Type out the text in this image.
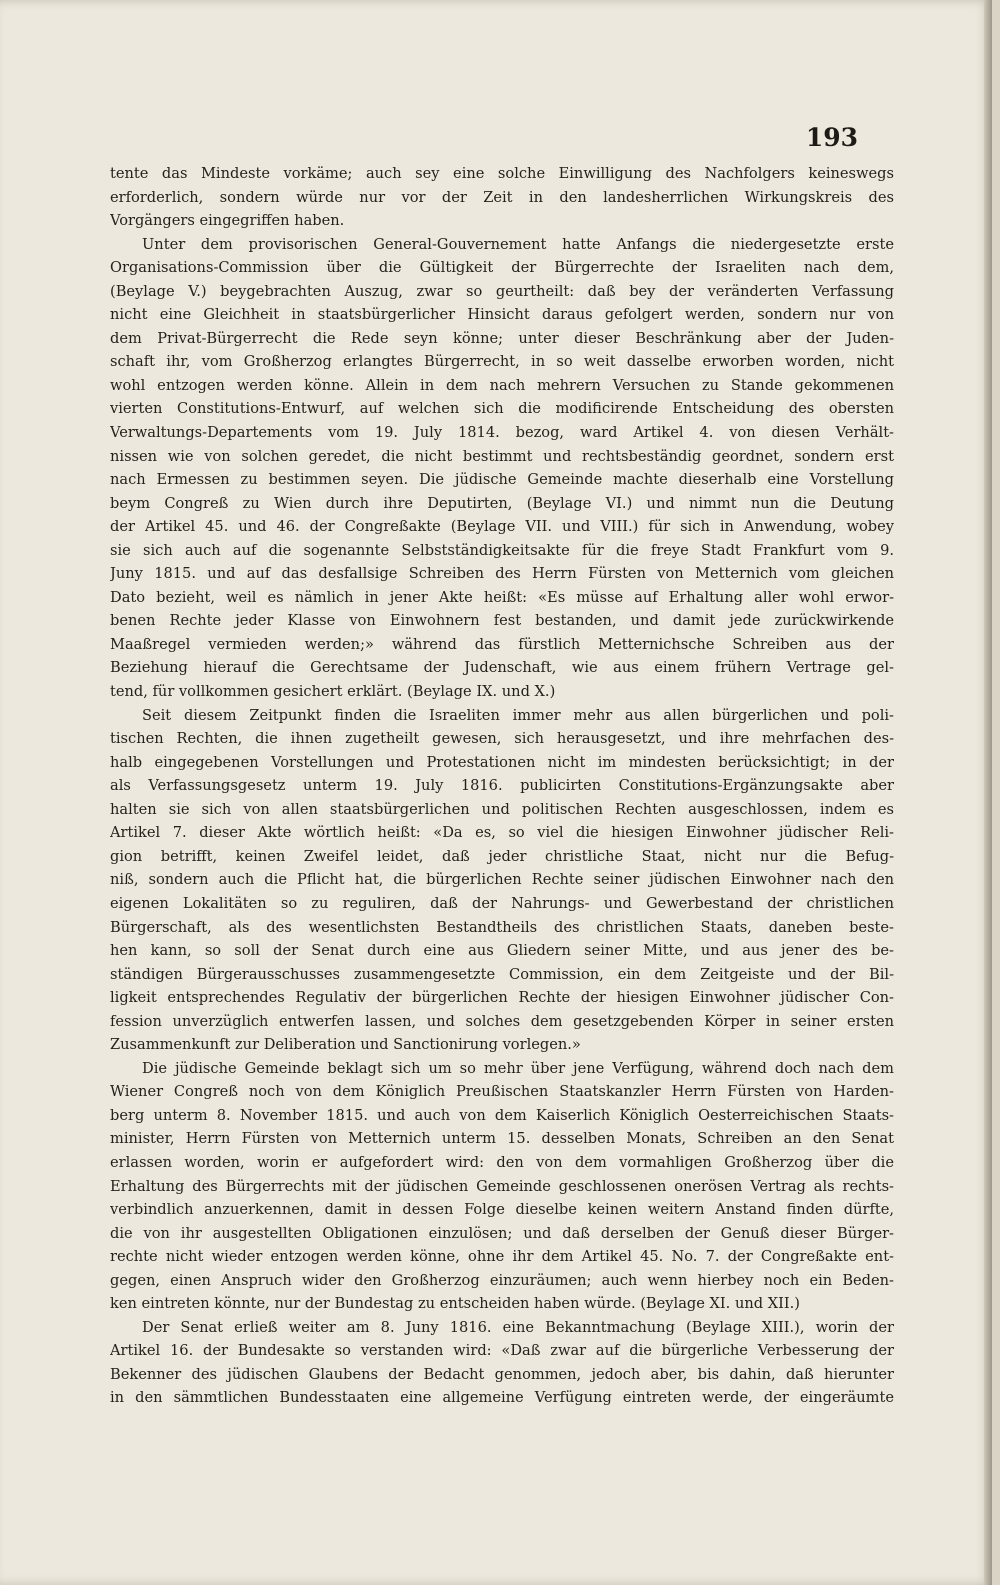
193
tente das Mindeste vorkäme; auch sey eine solche Einwilligung des Nachfolgers keineswegs
erforderlich, sondern würde nur vor der Zeit in den landesherrlichen Wirkungskreis des
Vorgängers eingegriffen haben.
Unter dem provisorischen General-Gouvernement hatte Anfangs die niedergesetzte erste
Organisations-Commission über die Gültigkeit der Bürgerrechte der Israeliten nach dem,
(Beylage V.) beygebrachten Auszug, zwar so geurtheilt: daß bey der veränderten Verfassung
nicht eine Gleichheit in staatsbürgerlicher Hinsicht daraus gefolgert werden, sondern nur von
dem Privat-Bürgerrecht die Rede seyn könne; unter dieser Beschränkung aber der Juden-
schaft ihr, vom Großherzog erlangtes Bürgerrecht, in so weit dasselbe erworben worden, nicht
wohl entzogen werden könne. Allein in dem nach mehrern Versuchen zu Stande gekommenen
vierten Constitutions-Entwurf, auf welchen sich die modificirende Entscheidung des obersten
Verwaltungs-Departements vom 19. July 1814. bezog, ward Artikel 4. von diesen Verhält-
nissen wie von solchen geredet, die nicht bestimmt und rechtsbeständig geordnet, sondern erst
nach Ermessen zu bestimmen seyen. Die jüdische Gemeinde machte dieserhalb eine Vorstellung
beym Congreß zu Wien durch ihre Deputirten, (Beylage VI.) und nimmt nun die Deutung
der Artikel 45. und 46. der Congreßakte (Beylage VII. und VIII.) für sich in Anwendung, wobey
sie sich auch auf die sogenannte Selbstständigkeitsakte für die freye Stadt Frankfurt vom 9.
Juny 1815. und auf das desfallsige Schreiben des Herrn Fürsten von Metternich vom gleichen
Dato bezieht, weil es nämlich in jener Akte heißt: «Es müsse auf Erhaltung aller wohl erwor-
benen Rechte jeder Klasse von Einwohnern fest bestanden, und damit jede zurückwirkende
Maaßregel vermieden werden;» während das fürstlich Metternichsche Schreiben aus der
Beziehung hierauf die Gerechtsame der Judenschaft, wie aus einem frühern Vertrage gel-
tend, für vollkommen gesichert erklärt. (Beylage IX. und X.)
Seit diesem Zeitpunkt finden die Israeliten immer mehr aus allen bürgerlichen und poli-
tischen Rechten, die ihnen zugetheilt gewesen, sich herausgesetzt, und ihre mehrfachen des-
halb eingegebenen Vorstellungen und Protestationen nicht im mindesten berücksichtigt; in der
als Verfassungsgesetz unterm 19. July 1816. publicirten Constitutions-Ergänzungsakte aber
halten sie sich von allen staatsbürgerlichen und politischen Rechten ausgeschlossen, indem es
Artikel 7. dieser Akte wörtlich heißt: «Da es, so viel die hiesigen Einwohner jüdischer Reli-
gion betrifft, keinen Zweifel leidet, daß jeder christliche Staat, nicht nur die Befug-
niß, sondern auch die Pflicht hat, die bürgerlichen Rechte seiner jüdischen Einwohner nach den
eigenen Lokalitäten so zu reguliren, daß der Nahrungs- und Gewerbestand der christlichen
Bürgerschaft, als des wesentlichsten Bestandtheils des christlichen Staats, daneben beste-
hen kann, so soll der Senat durch eine aus Gliedern seiner Mitte, und aus jener des be-
ständigen Bürgerausschusses zusammengesetzte Commission, ein dem Zeitgeiste und der Bil-
ligkeit entsprechendes Regulativ der bürgerlichen Rechte der hiesigen Einwohner jüdischer Con-
fession unverzüglich entwerfen lassen, und solches dem gesetzgebenden Körper in seiner ersten
Zusammenkunft zur Deliberation und Sanctionirung vorlegen.»
Die jüdische Gemeinde beklagt sich um so mehr über jene Verfügung, während doch nach dem
Wiener Congreß noch von dem Königlich Preußischen Staatskanzler Herrn Fürsten von Harden-
berg unterm 8. November 1815. und auch von dem Kaiserlich Königlich Oesterreichischen Staats-
minister, Herrn Fürsten von Metternich unterm 15. desselben Monats, Schreiben an den Senat
erlassen worden, worin er aufgefordert wird: den von dem vormahligen Großherzog über die
Erhaltung des Bürgerrechts mit der jüdischen Gemeinde geschlossenen onerösen Vertrag als rechts-
verbindlich anzuerkennen, damit in dessen Folge dieselbe keinen weitern Anstand finden dürfte,
die von ihr ausgestellten Obligationen einzulösen; und daß derselben der Genuß dieser Bürger-
rechte nicht wieder entzogen werden könne, ohne ihr dem Artikel 45. No. 7. der Congreßakte ent-
gegen, einen Anspruch wider den Großherzog einzuräumen; auch wenn hierbey noch ein Beden-
ken eintreten könnte, nur der Bundestag zu entscheiden haben würde. (Beylage XI. und XII.)
Der Senat erließ weiter am 8. Juny 1816. eine Bekanntmachung (Beylage XIII.), worin der
Artikel 16. der Bundesakte so verstanden wird: «Daß zwar auf die bürgerliche Verbesserung der
Bekenner des jüdischen Glaubens der Bedacht genommen, jedoch aber, bis dahin, daß hierunter
in den sämmtlichen Bundesstaaten eine allgemeine Verfügung eintreten werde, der eingeräumte
